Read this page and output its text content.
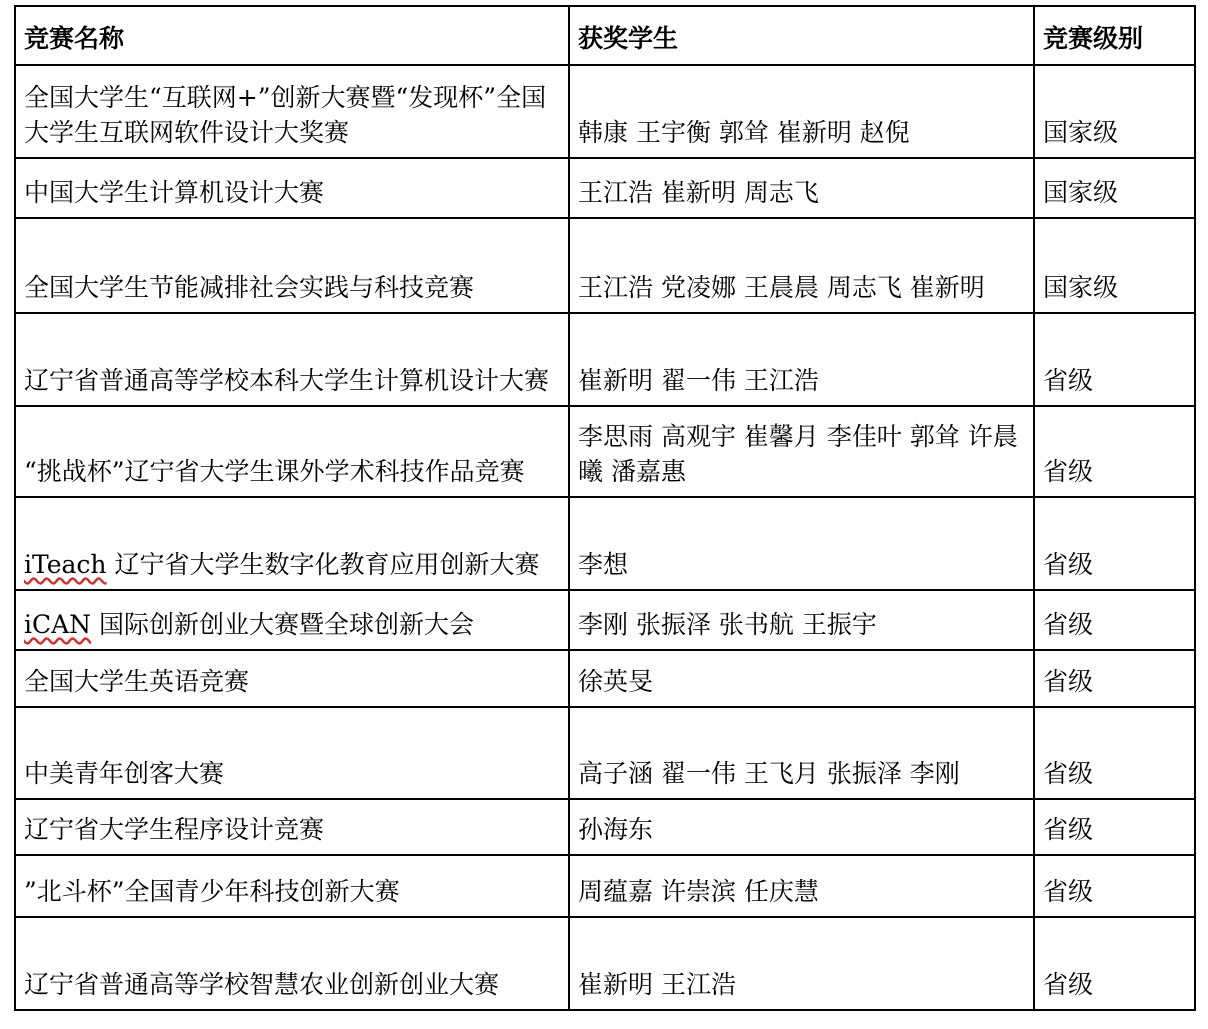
竞赛名称	获奖学生	竞赛级别
全国大学生“互联网+”创新大赛暨“发现杯”全国大学生互联网软件设计大奖赛	韩康 王宇衡 郭耸 崔新明 赵倪	国家级
中国大学生计算机设计大赛	王江浩 崔新明 周志飞	国家级
全国大学生节能减排社会实践与科技竞赛	王江浩 党凌娜 王晨晨 周志飞 崔新明	国家级
辽宁省普通高等学校本科大学生计算机设计大赛	崔新明 翟一伟 王江浩	省级
“挑战杯”辽宁省大学生课外学术科技作品竞赛	李思雨 高观宇 崔馨月 李佳叶 郭耸 许晨曦 潘嘉惠	省级
iTeach 辽宁省大学生数字化教育应用创新大赛	李想	省级
iCAN 国际创新创业大赛暨全球创新大会	李刚 张振泽 张书航 王振宇	省级
全国大学生英语竞赛	徐英旻	省级
中美青年创客大赛	高子涵 翟一伟 王飞月 张振泽 李刚	省级
辽宁省大学生程序设计竞赛	孙海东	省级
”北斗杯”全国青少年科技创新大赛	周蕴嘉 许崇滨 任庆慧	省级
辽宁省普通高等学校智慧农业创新创业大赛	崔新明 王江浩	省级
